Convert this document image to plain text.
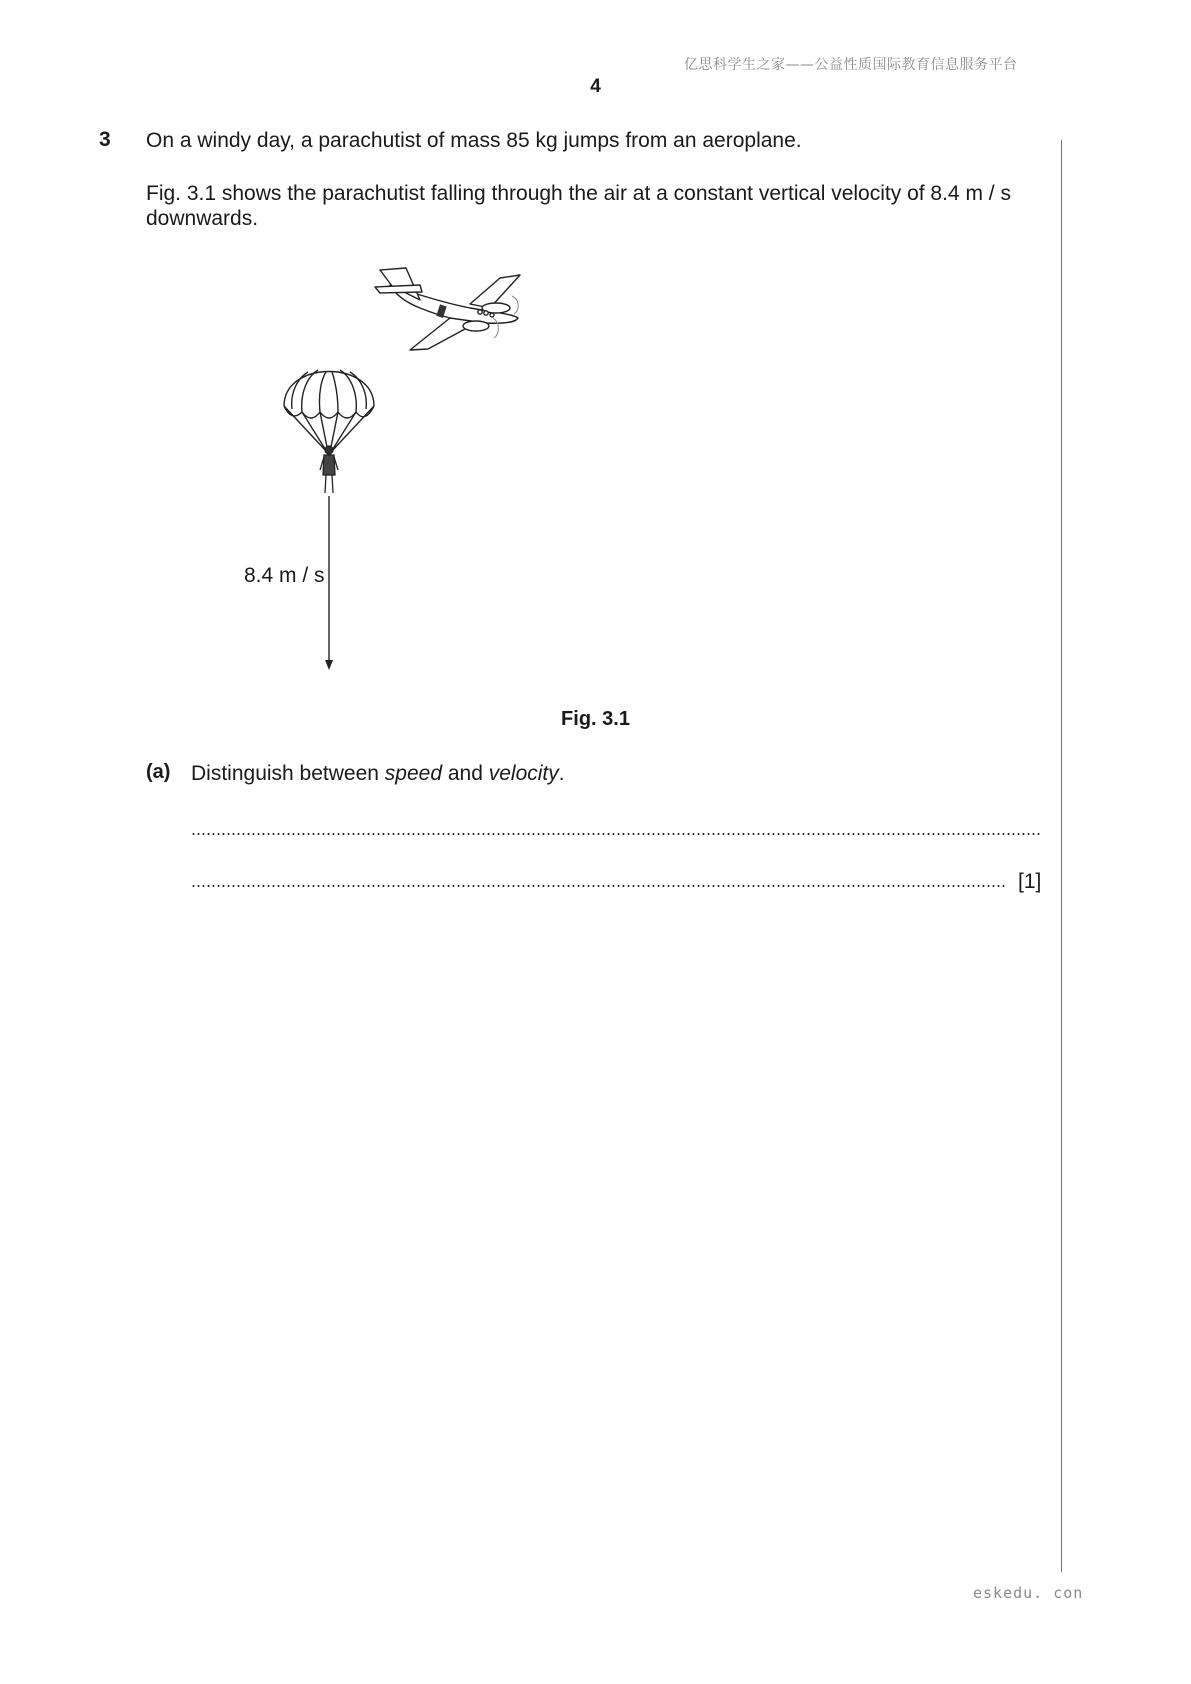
亿思科学生之家——公益性质国际教育信息服务平台
4
3 On a windy day, a parachutist of mass 85 kg jumps from an aeroplane.
Fig. 3.1 shows the parachutist falling through the air at a constant vertical velocity of 8.4 m / s downwards.
8.4 m / s
Fig. 3.1
(a) Distinguish between speed and velocity.
[1]
eskedu. con
